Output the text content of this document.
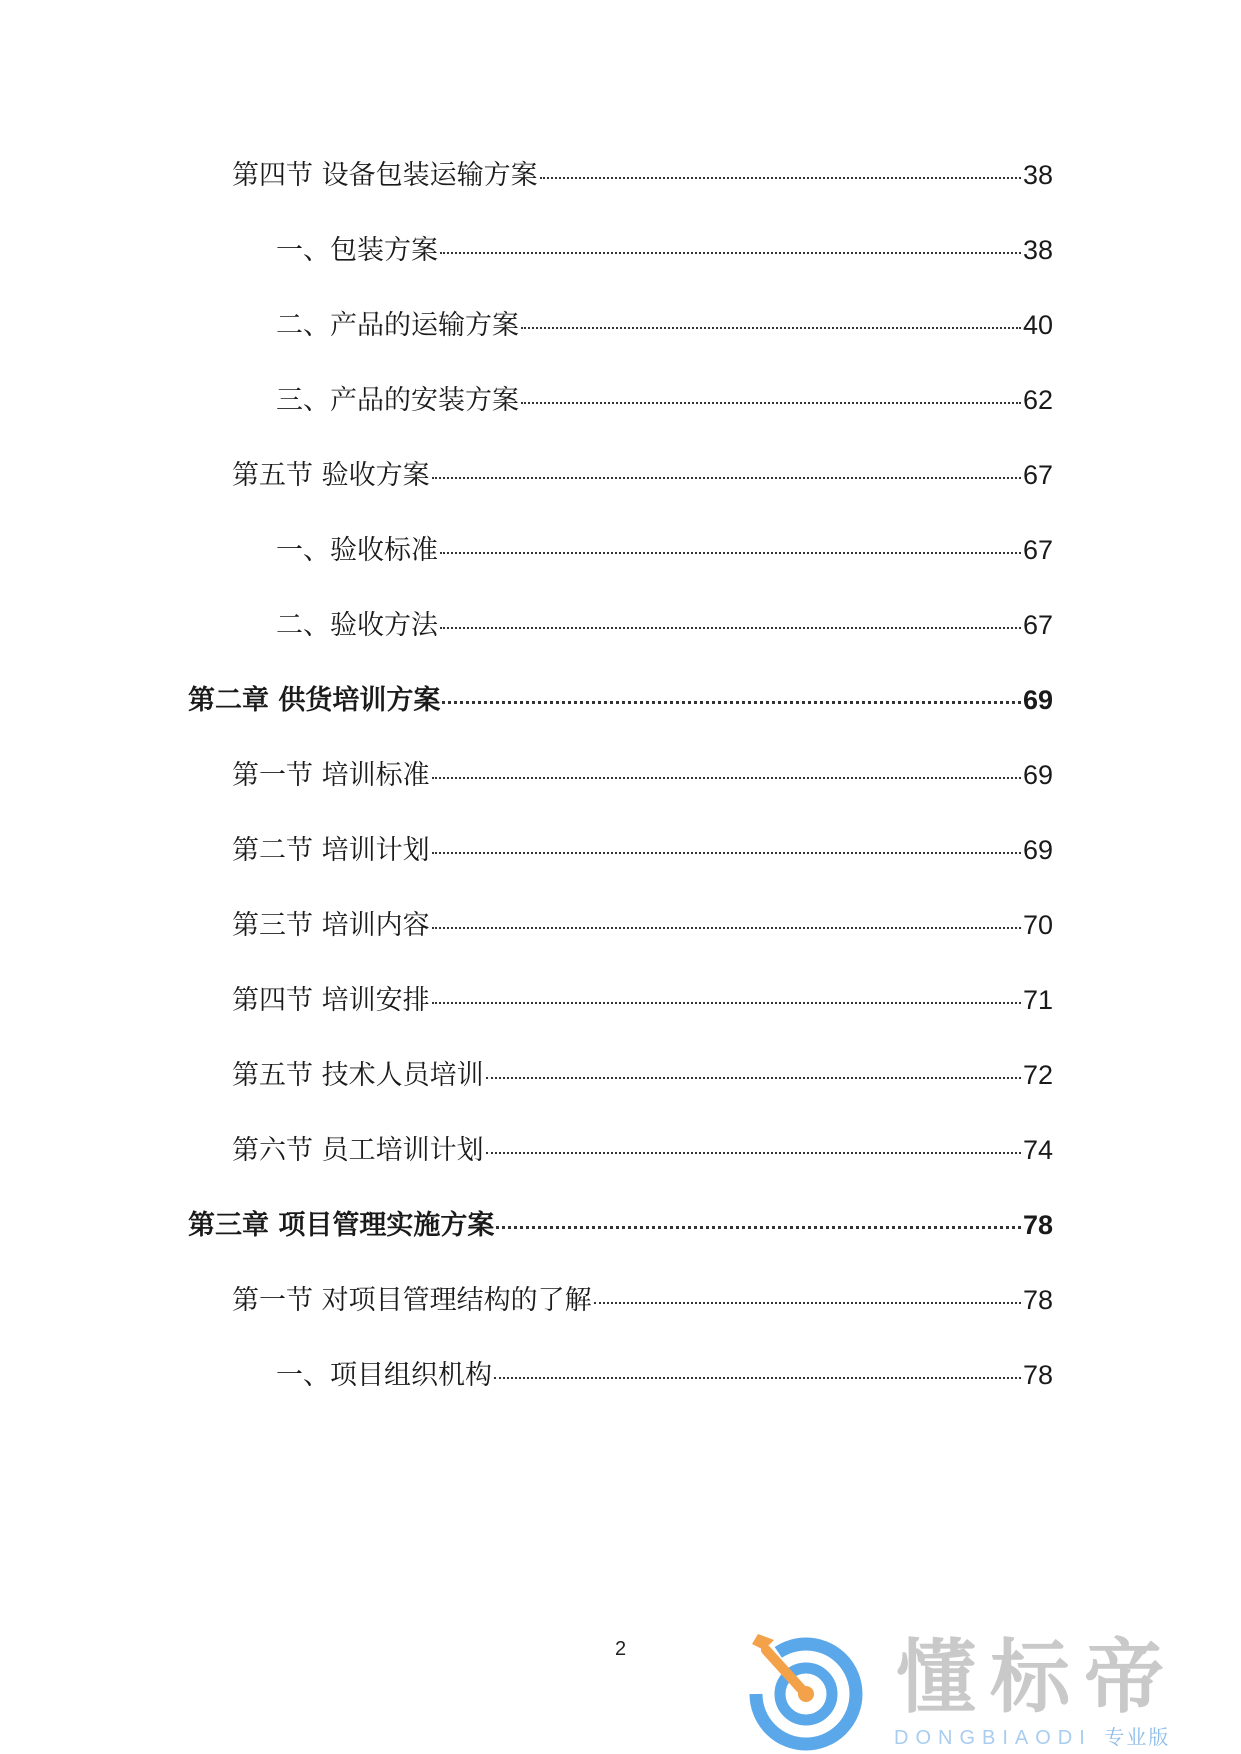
第四节 设备包装运输方案	38
一、包装方案	38
二、产品的运输方案	40
三、产品的安装方案	62
第五节 验收方案	67
一、验收标准	67
二、验收方法	67
第二章 供货培训方案	69
第一节 培训标准	69
第二节 培训计划	69
第三节 培训内容	70
第四节 培训安排	71
第五节 技术人员培训	72
第六节 员工培训计划	74
第三章 项目管理实施方案	78
第一节 对项目管理结构的了解	78
一、项目组织机构	78
2	懂标帝
DONGBIAODI 专业版
